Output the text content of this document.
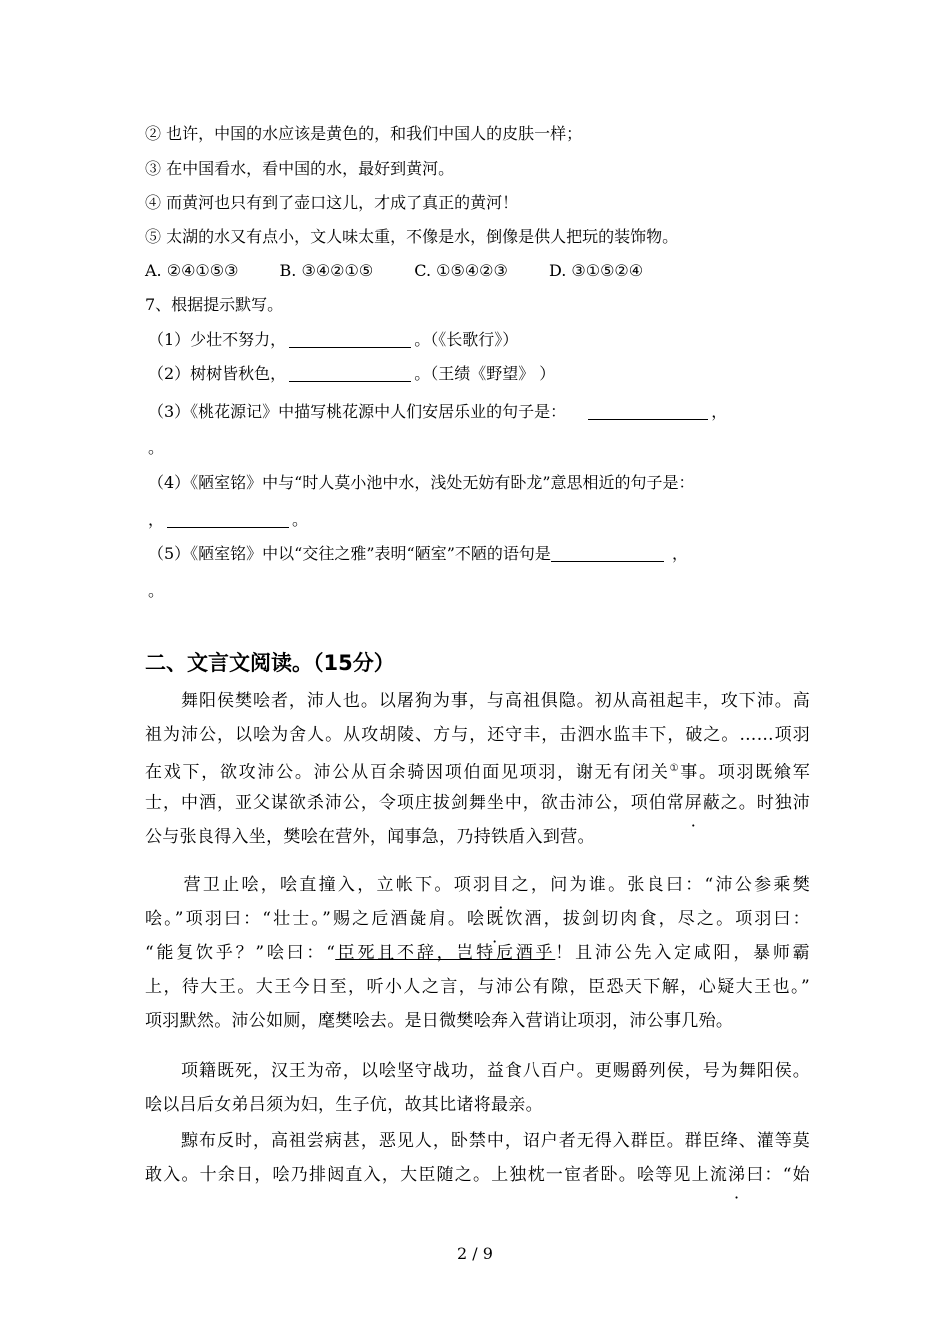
② 也许，中国的水应该是黄色的，和我们中国人的皮肤一样；
③ 在中国看水，看中国的水，最好到黄河。
④ 而黄河也只有到了壶口这儿，才成了真正的黄河！
⑤ 太湖的水又有点小，文人味太重，不像是水，倒像是供人把玩的装饰物。
A. ②④①⑤③	B. ③④②①⑤	C. ①⑤④②③	D. ③①⑤②④
7、根据提示默写。
（1）少壮不努力，	。（《长歌行》）
（2）树树皆秋色，	。（王绩《野望》 ）
（3）《桃花源记》中描写桃花源中人们安居乐业的句子是：	，
。
（4）《陋室铭》中与“时人莫小池中水，浅处无妨有卧龙”意思相近的句子是：
，	。
（5）《陋室铭》中以“交往之雅”表明“陋室”不陋的语句是	，
。
二、文言文阅读。（15分）
　　舞阳侯樊哙者，沛人也。以屠狗为事，与高祖俱隐。初从高祖起丰，攻下沛。高
祖为沛公，以哙为舍人。从攻胡陵、方与，还守丰，击泗水监丰下，破之。……项羽
在戏下，欲攻沛公。沛公从百余骑因项伯面见项羽，谢无有闭关①事。项羽既飨军
士，中酒，亚父谋欲杀沛公，令项庄拔剑舞坐中，欲击沛公，项伯常屏蔽之。时独沛
公与张良得入坐，樊哙在营外，闻事急，乃持铁盾入到营。
　　营卫止哙，哙直撞入，立帐下。项羽目之，问为谁。张良曰：“沛公参乘樊
哙。”项羽曰：“壮士。”赐之卮酒彘肩。哙既饮酒，拔剑切肉食，尽之。项羽曰：
“能复饮乎？”哙曰：“臣死且不辞，岂特卮酒乎！且沛公先入定咸阳，暴师霸
上，待大王。大王今日至，听小人之言，与沛公有隙，臣恐天下解，心疑大王也。”
项羽默然。沛公如厕，麾樊哙去。是日微樊哙奔入营诮让项羽，沛公事几殆。
　　项籍既死，汉王为帝，以哙坚守战功，益食八百户。更赐爵列侯，号为舞阳侯。
哙以吕后女弟吕须为妇，生子伉，故其比诸将最亲。
　　黥布反时，高祖尝病甚，恶见人，卧禁中，诏户者无得入群臣。群臣绛、灌等莫
敢入。十余日，哙乃排闼直入，大臣随之。上独枕一宦者卧。哙等见上流涕曰：“始
2 / 9
